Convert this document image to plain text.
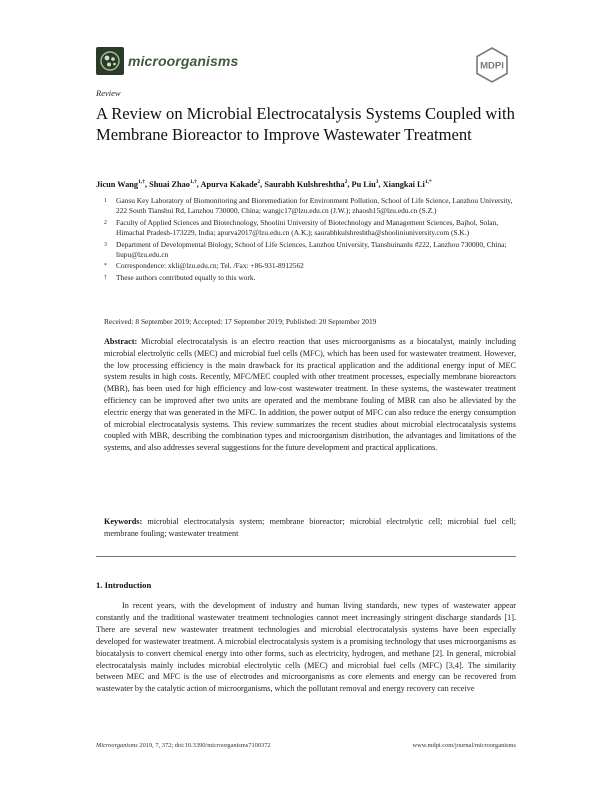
microorganisms	MDPI
Review
A Review on Microbial Electrocatalysis Systems Coupled with Membrane Bioreactor to Improve Wastewater Treatment
Jicun Wang$^{1,\dagger}$, Shuai Zhao$^{1,\dagger}$, Apurva Kakade$^2$, Saurabh Kulshreshtha$^2$, Pu Liu$^3$, Xiangkai $Li^{1,*}$
1 Gansu Key Laboratory of Biomonitoring and Bioremediation for Environment Pollution, School of Life Science, Lanzhou University, 222 South Tianshui Rd, Lanzhou 730000, China; wangjc17@lzu.edu.cn (J.W.); zhaosh15@lzu.edu.cn (S.Z.)
2 Faculty of Applied Sciences and Biotechnology, Shoolini University of Biotechnology and Management Sciences, Bajhol, Solan, Himachal Pradesh-173229, India; apurva2017@lzu.edu.cn (A.K.); saurabhkulshreshtha@shooliniuniversity.com (S.K.)
3 Department of Developmental Biology, School of Life Sciences, Lanzhou University, Tianshuinanlu #222, Lanzhou 730000, China; liupu@lzu.edu.cn
* Correspondence: xkli@lzu.edu.cn; Tel. /Fax: +86-931-8912562
† These authors contributed equally to this work.
Received: 8 September 2019; Accepted: 17 September 2019; Published: 20 September 2019
Abstract: Microbial electrocatalysis is an electro reaction that uses microorganisms as a biocatalyst, mainly including microbial electrolytic cells (MEC) and microbial fuel cells (MFC), which has been used for wastewater treatment. However, the low processing efficiency is the main drawback for its practical application and the additional energy input of MEC system results in high costs. Recently, MFC/MEC coupled with other treatment processes, especially membrane bioreactors (MBR), has been used for high efficiency and low-cost wastewater treatment. In these systems, the wastewater treatment efficiency can be improved after two units are operated and the membrane fouling of MBR can also be alleviated by the electric energy that was generated in the MFC. In addition, the power output of MFC can also reduce the energy consumption of microbial electrocatalysis systems. This review summarizes the recent studies about microbial electrocatalysis systems coupled with MBR, describing the combination types and microorganism distribution, the advantages and limitations of the systems, and also addresses several suggestions for the future development and practical applications.
Keywords: microbial electrocatalysis system; membrane bioreactor; microbial electrolytic cell; microbial fuel cell; membrane fouling; wastewater treatment
1. Introduction

In recent years, with the development of industry and human living standards, new types of wastewater appear constantly and the traditional wastewater treatment technologies cannot meet increasingly stringent discharge standards [1]. There are several new wastewater treatment technologies and microbial electrocatalysis systems have been especially developed for wastewater treatment. A microbial electrocatalysis system is a promising technology that uses microorganisms as biocatalysis to convert chemical energy into other forms, such as electricity, hydrogen, and methane [2]. In general, microbial electrocatalysis mainly includes microbial electrolytic cells (MEC) and microbial fuel cells (MFC) [3,4]. The similarity between MEC and MFC is the use of electrodes and microorganisms as core elements and energy can be recovered from wastewater by the catalytic action of microorganisms, which the pollutant removal and energy recovery can receive

Microorganisms 2019, 7, 372; doi:10.3390/microorganisms7100372	www.mdpi.com/journal/microorganisms
